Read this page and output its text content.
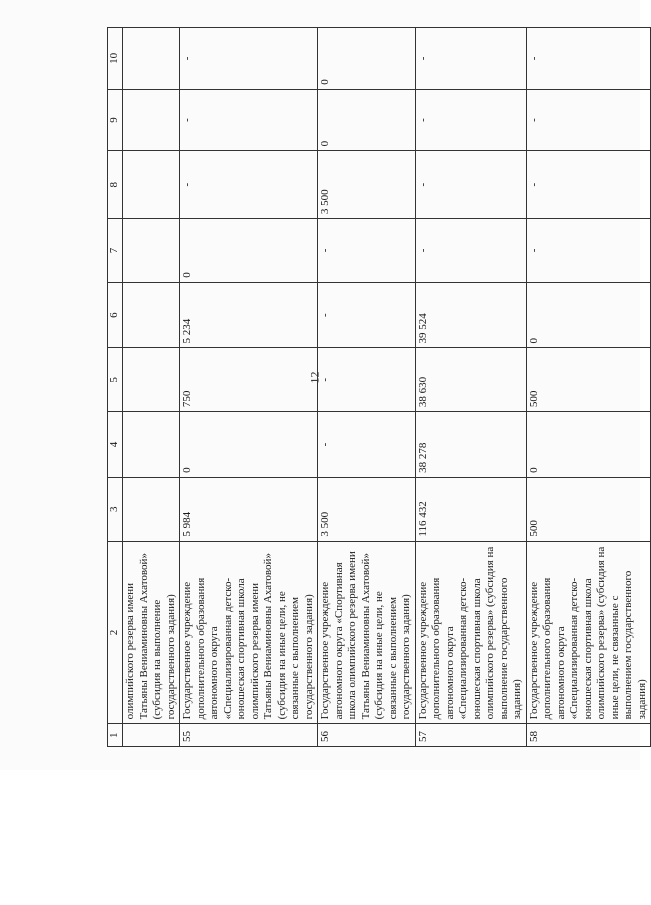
12
1	2	3	4	5	6	7	8	9	10
	олимпийского резерва имени Татьяны Вениаминовны Ахатовой» (субсидия на выполнение государственного задания)								
55	Государственное учреждение дополнительного образования автономного округа «Специализированная детско-юношеская спортивная школа олимпийского резерва имени Татьяны Вениаминовны Ахатовой» (субсидия на иные цели, не связанные с выполнением государственного задания)	5 984	0	750	5 234	0	-	-	-
56	Государственное учреждение автономного округа «Спортивная школа олимпийского резерва имени Татьяны Вениаминовны Ахатовой» (субсидия на иные цели, не связанные с выполнением государственного задания)	3 500	-	-	-	-	3 500	0	0
57	Государственное учреждение дополнительного образования автономного округа «Специализированная детско-юношеская спортивная школа олимпийского резерва» (субсидия на выполнение государственного задания)	116 432	38 278	38 630	39 524	-	-	-	-
58	Государственное учреждение дополнительного образования автономного округа «Специализированная детско-юношеская спортивная школа олимпийского резерва» (субсидия на иные цели, не связанные с выполнением государственного задания)	500	0	500	0	-	-	-	-
